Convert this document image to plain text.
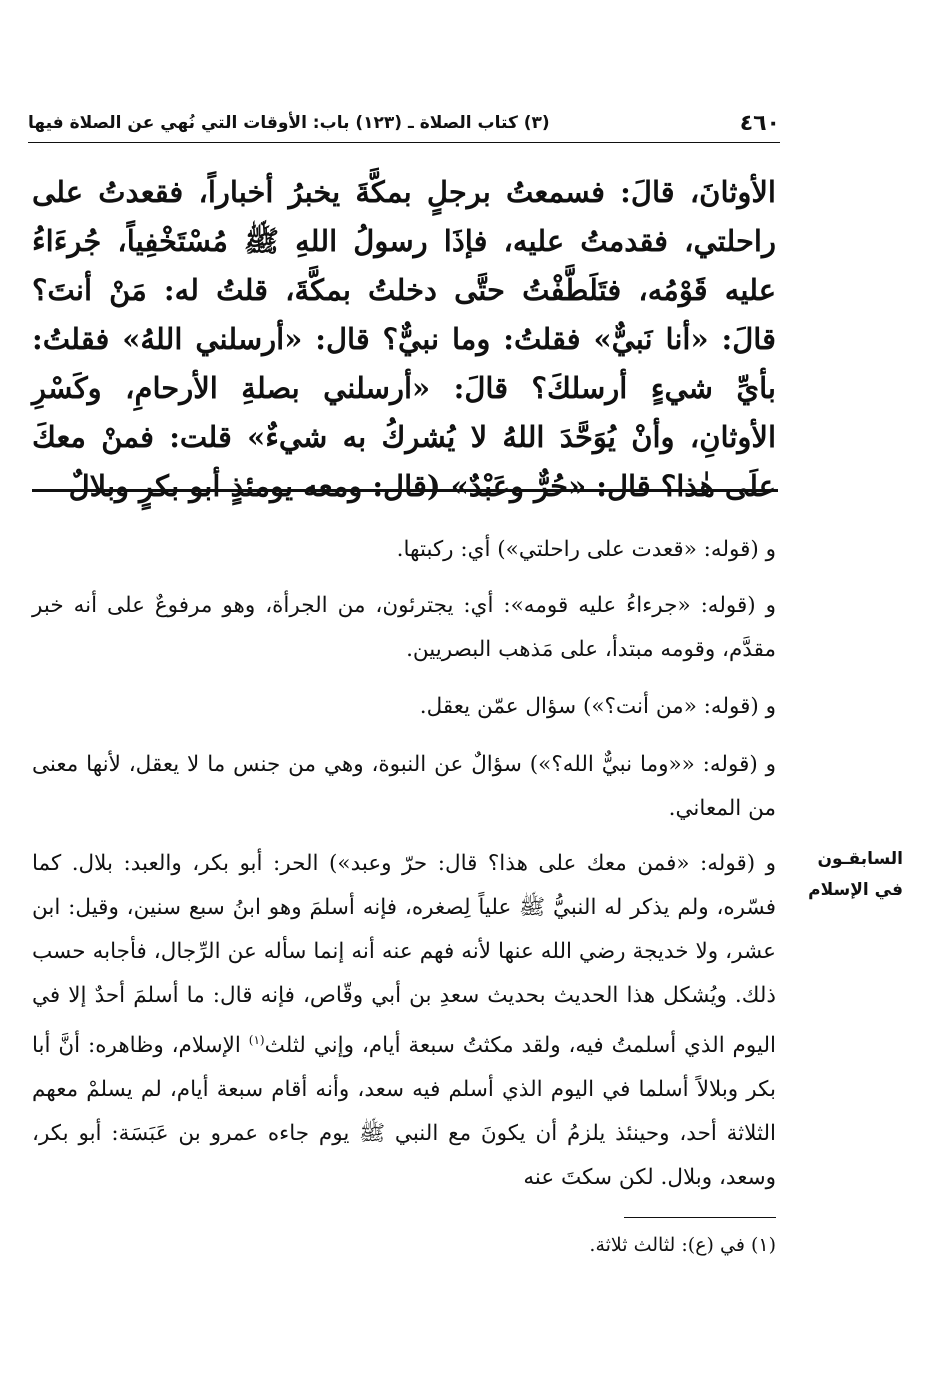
٤٦٠
(٣) كتاب الصلاة ـ (١٢٣) باب: الأوقات التي نُهي عن الصلاة فيها

الأوثانَ، قالَ: فسمعتُ برجلٍ بمكَّةَ يخبرُ أخباراً، فقعدتُ على راحلتي، فقدمتُ عليه، فإذَا رسولُ اللهِ ﷺ مُسْتَخْفِياً، جُرءَاءُ عليه قَوْمُه، فتَلَطَّفْتُ حتَّى دخلتُ بمكَّةَ، قلتُ له: مَنْ أنتَ؟ قالَ: «أنا نَبيٌّ» فقلتُ: وما نبيٌّ؟ قال: «أرسلني اللهُ» فقلتُ: بأيِّ شيءٍ أرسلكَ؟ قالَ: «أرسلني بصلةِ الأرحامِ، وكَسْرِ الأوثانِ، وأنْ يُوَحَّدَ اللهُ لا يُشركُ به شيءٌ» قلت: فمنْ معكَ علَى هٰذا؟ قال: «حُرٌّ وعَبْدٌ» (قال: ومعه يومئذٍ أبو بكرٍ وبلالٌ

و (قوله: «قعدت على راحلتي») أي: ركبتها.

و (قوله: «جرءاءُ عليه قومه»: أي: يجترئون، من الجرأة، وهو مرفوعٌ على أنه خبر مقدَّم، وقومه مبتدأ، على مَذهب البصريين.

و (قوله: «من أنت؟») سؤال عمّن يعقل.

و (قوله: ««وما نبيٌّ الله؟») سؤالٌ عن النبوة، وهي من جنس ما لا يعقل، لأنها معنى من المعاني.

السابقـون في الإسلام

و (قوله: «فمن معك على هذا؟ قال: حرّ وعبد») الحر: أبو بكر، والعبد: بلال. كما فسّره، ولم يذكر له النبيُّ ﷺ علياً لِصغره، فإنه أسلمَ وهو ابنُ سبع سنين، وقيل: ابن عشر، ولا خديجة رضي الله عنها لأنه فهم عنه أنه إنما سأله عن الرِّجال، فأجابه حسب ذلك. ويُشكل هذا الحديث بحديث سعدِ بن أبي وقّاص، فإنه قال: ما أسلمَ أحدٌ إلا في اليوم الذي أسلمتُ فيه، ولقد مكثتُ سبعة أيام، وإني لثلث$^{(١)}$ الإسلام، وظاهره: أنَّ أبا بكر وبلالاً أسلما في اليوم الذي أسلم فيه سعد، وأنه أقام سبعة أيام، لم يسلمْ معهم الثلاثة أحد، وحينئذ يلزمُ أن يكونَ مع النبي ﷺ يوم جاءه عمرو بن عَبَسَة: أبو بكر، وسعد، وبلال. لكن سكتَ عنه

(١) في (ع): لثالث ثلاثة.
